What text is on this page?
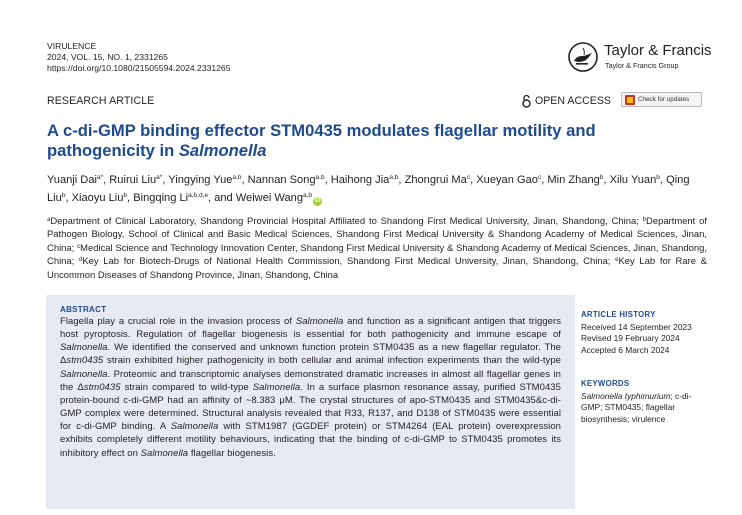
VIRULENCE
2024, VOL. 15, NO. 1, 2331265
https://doi.org/10.1080/21505594.2024.2331265
Taylor & Francis
Taylor & Francis Group
RESEARCH ARTICLE	OPEN ACCESS	Check for updates
A c-di-GMP binding effector STM0435 modulates flagellar motility and pathogenicity in Salmonella
Yuanji Dai$^{a*}$, Ruirui Liu$^{a*}$, Yingying Yue$^{a,b}$, Nannan Song$^{a,b}$, Haihong Jia$^{a,b}$, Zhongrui Ma$^c$, Xueyan Gao$^c$, Min Zhang$^b$, Xilu Yuan$^b$, Qing Liu$^b$, Xiaoyu Liu$^b$, Bingqing Li$^{a,b,d,e}$, and Weiwei Wang$^{a,b}$iD
$^a$Department of Clinical Laboratory, Shandong Provincial Hospital Affiliated to Shandong First Medical University, Jinan, Shandong, China; $^b$Department of Pathogen Biology, School of Clinical and Basic Medical Sciences, Shandong First Medical University & Shandong Academy of Medical Sciences, Jinan, China; $^c$Medical Science and Technology Innovation Center, Shandong First Medical University & Shandong Academy of Medical Sciences, Jinan, Shandong, China; $^d$Key Lab for Biotech-Drugs of National Health Commission, Shandong First Medical University, Jinan, Shandong, China; $^e$Key Lab for Rare & Uncommon Diseases of Shandong Province, Jinan, Shandong, China
ABSTRACT
Flagella play a crucial role in the invasion process of Salmonella and function as a significant antigen that triggers host pyroptosis. Regulation of flagellar biogenesis is essential for both pathogenicity and immune escape of Salmonella. We identified the conserved and unknown function protein STM0435 as a new flagellar regulator. The Δstm0435 strain exhibited higher pathogenicity in both cellular and animal infection experiments than the wild-type Salmonella. Proteomic and transcriptomic analyses demonstrated dramatic increases in almost all flagellar genes in the Δstm0435 strain compared to wild-type Salmonella. In a surface plasmon resonance assay, purified STM0435 protein-bound c-di-GMP had an affinity of ~8.383 μM. The crystal structures of apo-STM0435 and STM0435&c-di-GMP complex were determined. Structural analysis revealed that R33, R137, and D138 of STM0435 were essential for c-di-GMP binding. A Salmonella with STM1987 (GGDEF protein) or STM4264 (EAL protein) overexpression exhibits completely different motility behaviours, indicating that the binding of c-di-GMP to STM0435 promotes its inhibitory effect on Salmonella flagellar biogenesis.
ARTICLE HISTORY
Received 14 September 2023
Revised 19 February 2024
Accepted 6 March 2024
KEYWORDS
Salmonella typhimurium; c-di-GMP; STM0435; flagellar biosynthesis; virulence
